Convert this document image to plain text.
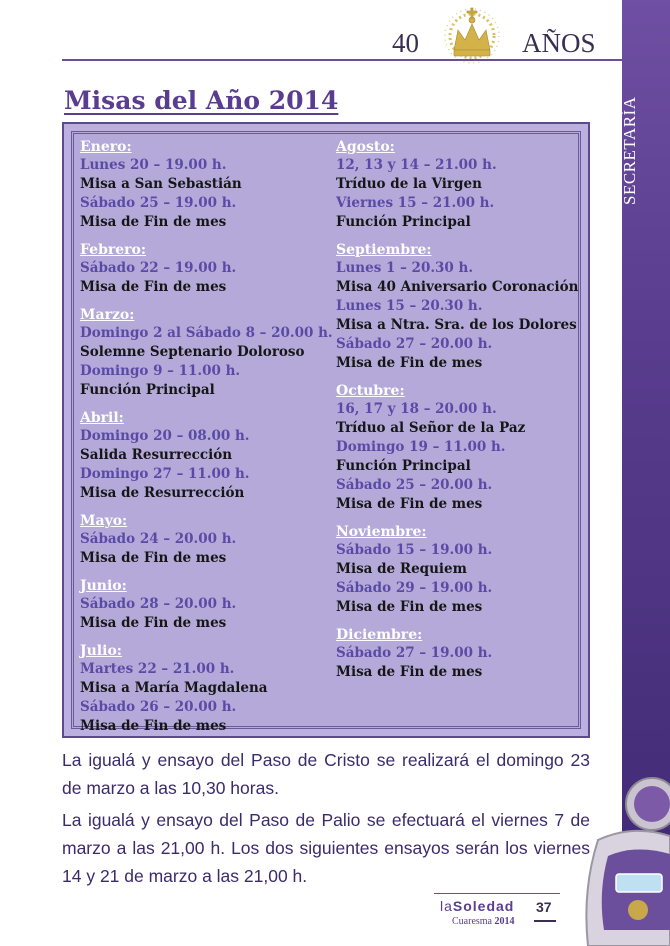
SECRETARÍA
40	AÑOS
Misas del Año 2014
Enero:
Lunes 20 – 19.00 h.
Misa a San Sebastián
Sábado 25 – 19.00 h.
Misa de Fin de mes
Febrero:
Sábado 22 – 19.00 h.
Misa de Fin de mes
Marzo:
Domingo 2 al Sábado 8 – 20.00 h.
Solemne Septenario Doloroso
Domingo 9 – 11.00 h.
Función Principal
Abril:
Domingo 20 – 08.00 h.
Salida Resurrección
Domingo 27 – 11.00 h.
Misa de Resurrección
Mayo:
Sábado 24 – 20.00 h.
Misa de Fin de mes
Junio:
Sábado 28 – 20.00 h.
Misa de Fin de mes
Julio:
Martes 22 – 21.00 h.
Misa a María Magdalena
Sábado 26 – 20.00 h.
Misa de Fin de mes
Agosto:
12, 13 y 14 – 21.00 h.
Tríduo de la Virgen
Viernes 15 – 21.00 h.
Función Principal
Septiembre:
Lunes 1 – 20.30 h.
Misa 40 Aniversario Coronación
Lunes 15 – 20.30 h.
Misa a Ntra. Sra. de los Dolores
Sábado 27 – 20.00 h.
Misa de Fin de mes
Octubre:
16, 17 y 18 – 20.00 h.
Tríduo al Señor de la Paz
Domingo 19 – 11.00 h.
Función Principal
Sábado 25 – 20.00 h.
Misa de Fin de mes
Noviembre:
Sábado 15 – 19.00 h.
Misa de Requiem
Sábado 29 – 19.00 h.
Misa de Fin de mes
Diciembre:
Sábado 27 – 19.00 h.
Misa de Fin de mes

La igualá y ensayo del Paso de Cristo se realizará el domingo 23 de marzo a las 10,30 horas.

La igualá y ensayo del Paso de Palio se efectuará el viernes 7 de marzo a las 21,00 h. Los dos siguientes ensayos serán los viernes 14 y 21 de marzo a las 21,00 h.

laSoledad
Cuaresma 2014
37
